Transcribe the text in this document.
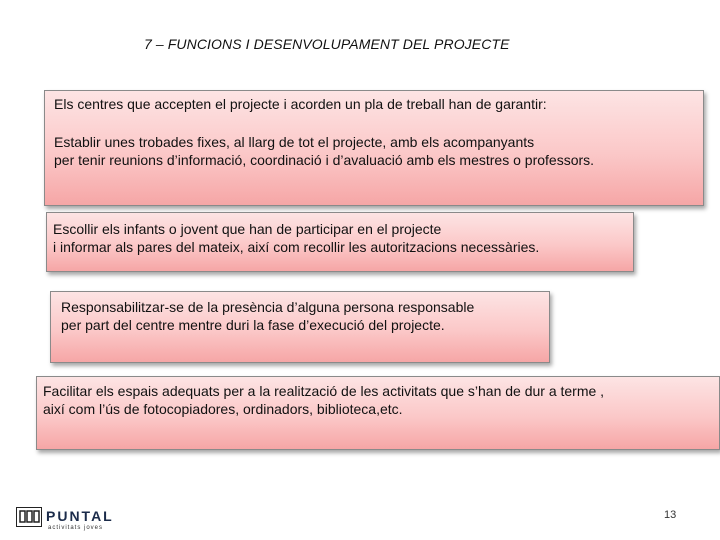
7 – FUNCIONS I DESENVOLUPAMENT DEL PROJECTE

Els centres que accepten el projecte i acorden un pla de treball han de garantir:

Establir unes trobades fixes, al llarg de tot el projecte, amb els acompanyants

per tenir reunions d’informació, coordinació i d’avaluació amb els mestres o professors.

Escollir els infants o jovent que han de participar en el projecte

i informar als pares del mateix, així com recollir les autoritzacions necessàries.

Responsabilitzar-se de la presència d’alguna persona responsable

per part del centre mentre duri la fase d’execució del projecte.

Facilitar els espais adequats per a la realització de les activitats que s’han de dur a terme ,

així com l’ús de fotocopiadores, ordinadors, biblioteca,etc.

PUNTAL
activitats joves
13
